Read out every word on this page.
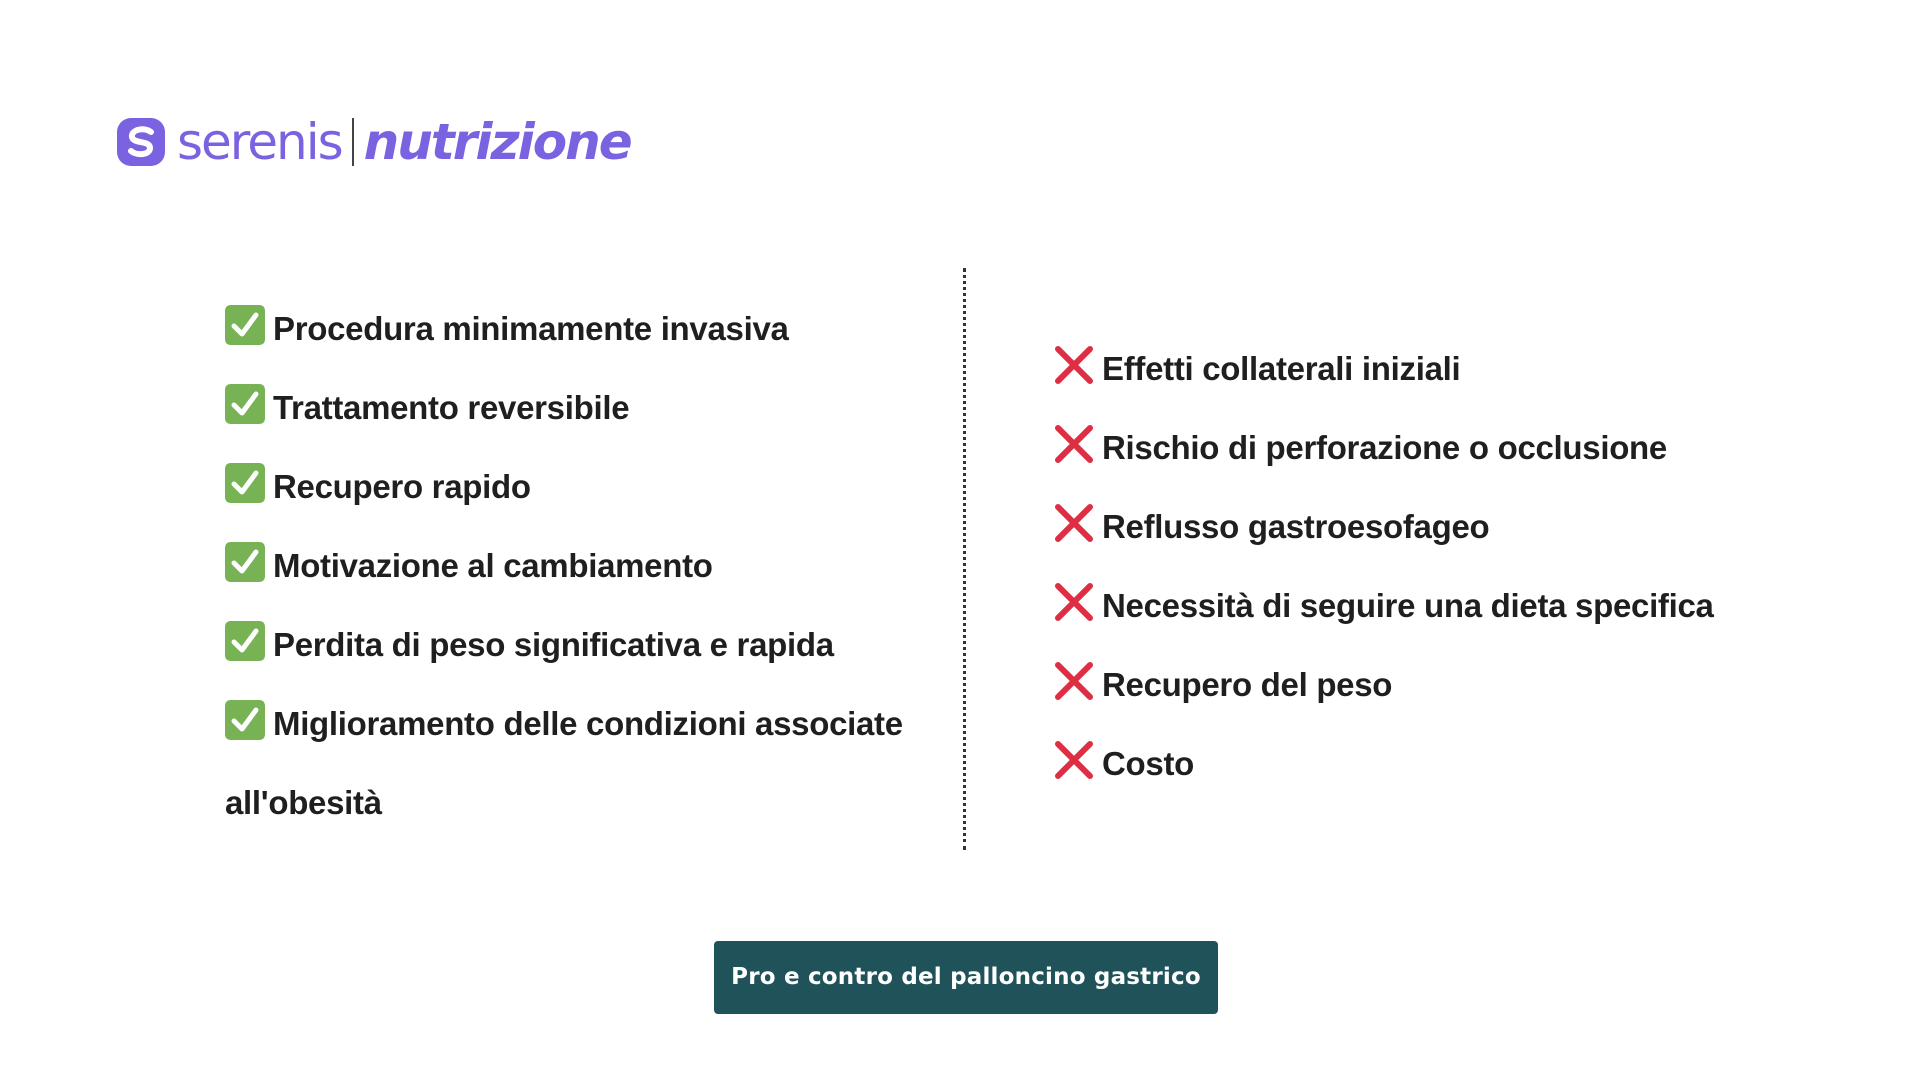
serenis nutrizione
Procedura minimamente invasiva
Trattamento reversibile
Recupero rapido
Motivazione al cambiamento
Perdita di peso significativa e rapida
Miglioramento delle condizioni associate all'obesità
Effetti collaterali iniziali
Rischio di perforazione o occlusione
Reflusso gastroesofageo
Necessità di seguire una dieta specifica
Recupero del peso
Costo
Pro e contro del palloncino gastrico
